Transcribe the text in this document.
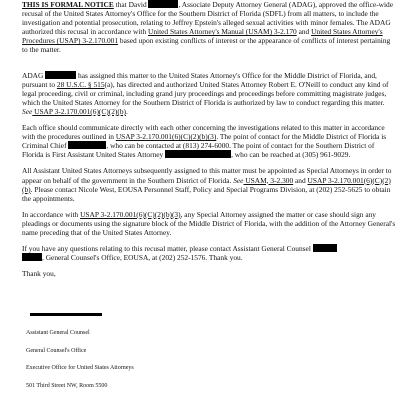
THIS IS FORMAL NOTICE that David	, Associate Deputy Attorney General (ADAG), approved the office-wide recusal of the United States Attorney's Office for the Southern District of Florida (SDFL) from all matters, to include the investigation and potential prosecution, relating to Jeffrey Epstein's alleged sexual activities with minor females. The ADAG authorized this recusal in accordance with United States Attorney's Manual (USAM) 3-2.170 and United States Attorney's Procedures (USAP) 3-2.170.001 based upon existing conflicts of interest or the appearance of conflicts of interest pertaining to the matter.

ADAG	has assigned this matter to the United States Attorney's Office for the Middle District of Florida, and, pursuant to 28 U.S.C. § 515(a), has directed and authorized United States Attorney Robert E. O'Neill to conduct any kind of legal proceeding, civil or criminal, including grand jury proceedings and proceedings before committing magistrate judges, which the United States Attorney for the Southern District of Florida is authorized by law to conduct regarding this matter. See USAP 3-2.170.001(6)(C)(2)(b).

Each office should communicate directly with each other concerning the investigations related to this matter in accordance with the procedures outlined in USAP 3-2.170.001(6)(C)(2)(b)(3). The point of contact for the Middle District of Florida is Criminal Chief	, who can be contacted at (813) 274-6000. The point of contact for the Southern District of Florida is First Assistant United States Attorney	, who can be reached at (305) 961-9029.

All Assistant United States Attorneys subsequently assigned to this matter must be appointed as Special Attorneys in order to appear on behalf of the government in the Southern District of Florida. See USAM, 3-2.300 and USAP 3-2.170.001(6)(C)(2)(b). Please contact Nicole West, EOUSA Personnel Staff, Policy and Special Programs Division, at (202) 252-5625 to obtain the appointments.

In accordance with USAP 3-2.170.001(6)(C)(2)(b)(3), any Special Attorney assigned the matter or case should sign any pleadings or documents using the signature block of the Middle District of Florida, with the addition of the Attorney General's name preceding that of the United States Attorney.

If you have any questions relating to this recusal matter, please contact Assistant General Counsel
, General Counsel's Office, EOUSA, at (202) 252-1576. Thank you.

Thank you,

Assistant General Counsel
General Counsel's Office
Executive Office for United States Attorneys
501 Third Street NW, Room 5500
